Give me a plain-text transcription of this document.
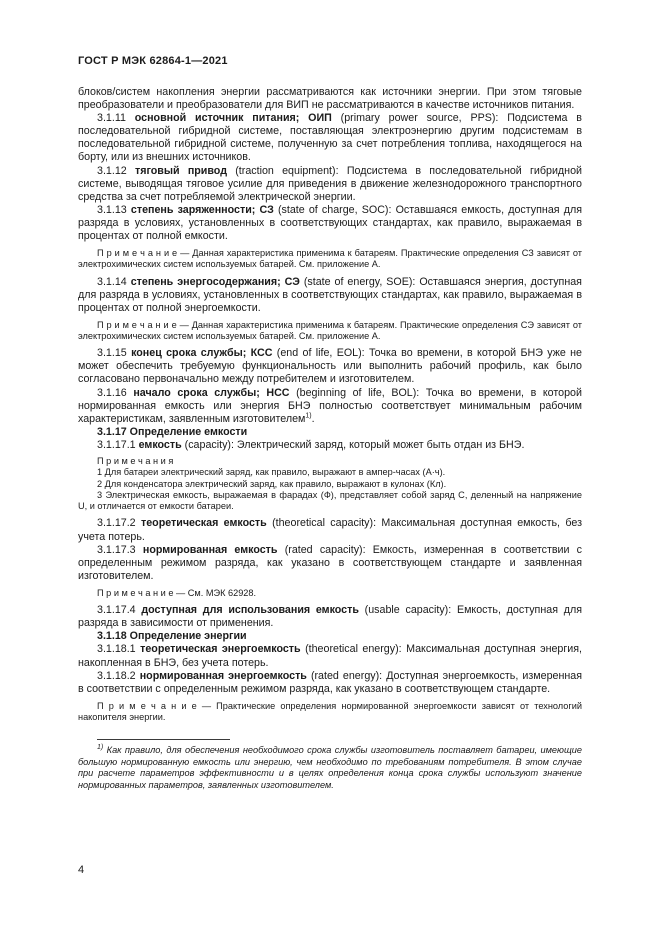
ГОСТ Р МЭК 62864-1—2021

блоков/систем накопления энергии рассматриваются как источники энергии. При этом тяговые преобразователи и преобразователи для ВИП не рассматриваются в качестве источников питания.

3.1.11 основной источник питания; ОИП (primary power source, PPS): Подсистема в последовательной гибридной системе, поставляющая электроэнергию другим подсистемам в последовательной гибридной системе, полученную за счет потребления топлива, находящегося на борту, или из внешних источников.

3.1.12 тяговый привод (traction equipment): Подсистема в последовательной гибридной системе, выводящая тяговое усилие для приведения в движение железнодорожного транспортного средства за счет потребляемой электрической энергии.

3.1.13 степень заряженности; СЗ (state of charge, SOC): Оставшаяся емкость, доступная для разряда в условиях, установленных в соответствующих стандартах, как правило, выражаемая в процентах от полной емкости.

П р и м е ч а н и е — Данная характеристика применима к батареям. Практические определения СЗ зависят от электрохимических систем используемых батарей. См. приложение А.

3.1.14 степень энергосодержания; СЭ (state of energy, SOE): Оставшаяся энергия, доступная для разряда в условиях, установленных в соответствующих стандартах, как правило, выражаемая в процентах от полной энергоемкости.

П р и м е ч а н и е — Данная характеристика применима к батареям. Практические определения СЭ зависят от электрохимических систем используемых батарей. См. приложение А.

3.1.15 конец срока службы; КСС (end of life, EOL): Точка во времени, в которой БНЭ уже не может обеспечить требуемую функциональность или выполнить рабочий профиль, как было согласовано первоначально между потребителем и изготовителем.

3.1.16 начало срока службы; НСС (beginning of life, BOL): Точка во времени, в которой нормированная емкость или энергия БНЭ полностью соответствует минимальным рабочим характеристикам, заявленным изготовителем$^{1)}$.

3.1.17 Определение емкости

3.1.17.1 емкость (capacity): Электрический заряд, который может быть отдан из БНЭ.

П р и м е ч а н и я

1 Для батареи электрический заряд, как правило, выражают в ампер-часах (А·ч).

2 Для конденсатора электрический заряд, как правило, выражают в кулонах (Кл).

3 Электрическая емкость, выражаемая в фарадах (Ф), представляет собой заряд С, деленный на напряжение U, и отличается от емкости батареи.

3.1.17.2 теоретическая емкость (theoretical capacity): Максимальная доступная емкость, без учета потерь.

3.1.17.3 нормированная емкость (rated capacity): Емкость, измеренная в соответствии с определенным режимом разряда, как указано в соответствующем стандарте и заявленная изготовителем.

П р и м е ч а н и е — См. МЭК 62928.

3.1.17.4 доступная для использования емкость (usable capacity): Емкость, доступная для разряда в зависимости от применения.

3.1.18 Определение энергии

3.1.18.1 теоретическая энергоемкость (theoretical energy): Максимальная доступная энергия, накопленная в БНЭ, без учета потерь.

3.1.18.2 нормированная энергоемкость (rated energy): Доступная энергоемкость, измеренная в соответствии с определенным режимом разряда, как указано в соответствующем стандарте.

П р и м е ч а н и е — Практические определения нормированной энергоемкости зависят от технологий накопителя энергии.

$^{1)}$ Как правило, для обеспечения необходимого срока службы изготовитель поставляет батареи, имеющие большую нормированную емкость или энергию, чем необходимо по требованиям потребителя. В этом случае при расчете параметров эффективности и в целях определения конца срока службы используют значение нормированных параметров, заявленных изготовителем.

4
